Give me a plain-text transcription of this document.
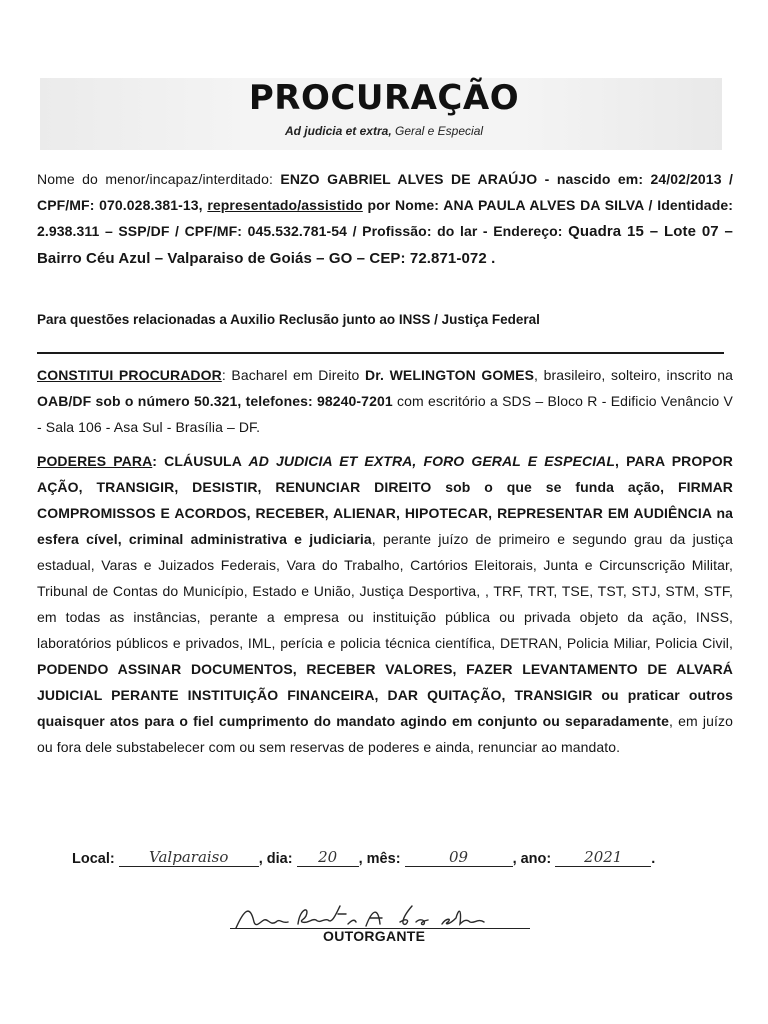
PROCURAÇÃO
Ad judicia et extra, Geral e Especial
Nome do menor/incapaz/interditado: ENZO GABRIEL ALVES DE ARAÚJO - nascido em: 24/02/2013 / CPF/MF: 070.028.381-13, representado/assistido por Nome: ANA PAULA ALVES DA SILVA / Identidade: 2.938.311 – SSP/DF / CPF/MF: 045.532.781-54 / Profissão: do lar - Endereço: Quadra 15 – Lote 07 – Bairro Céu Azul – Valparaiso de Goiás – GO – CEP: 72.871-072 .
Para questões relacionadas a Auxilio Reclusão junto ao INSS / Justiça Federal
CONSTITUI PROCURADOR: Bacharel em Direito Dr. WELINGTON GOMES, brasileiro, solteiro, inscrito na OAB/DF sob o número 50.321, telefones: 98240-7201 com escritório a SDS – Bloco R - Edificio Venâncio V - Sala 106 - Asa Sul - Brasília – DF.
PODERES PARA: CLÁUSULA AD JUDICIA ET EXTRA, FORO GERAL E ESPECIAL, PARA PROPOR AÇÃO, TRANSIGIR, DESISTIR, RENUNCIAR DIREITO sob o que se funda ação, FIRMAR COMPROMISSOS E ACORDOS, RECEBER, ALIENAR, HIPOTECAR, REPRESENTAR EM AUDIÊNCIA na esfera cível, criminal administrativa e judiciaria, perante juízo de primeiro e segundo grau da justiça estadual, Varas e Juizados Federais, Vara do Trabalho, Cartórios Eleitorais, Junta e Circunscrição Militar, Tribunal de Contas do Município, Estado e União, Justiça Desportiva, , TRF, TRT, TSE, TST, STJ, STM, STF, em todas as instâncias, perante a empresa ou instituição pública ou privada objeto da ação, INSS, laboratórios públicos e privados, IML, perícia e policia técnica científica, DETRAN, Policia Miliar, Policia Civil, PODENDO ASSINAR DOCUMENTOS, RECEBER VALORES, FAZER LEVANTAMENTO DE ALVARÁ JUDICIAL PERANTE INSTITUIÇÃO FINANCEIRA, DAR QUITAÇÃO, TRANSIGIR ou praticar outros quaisquer atos para o fiel cumprimento do mandato agindo em conjunto ou separadamente, em juízo ou fora dele substabelecer com ou sem reservas de poderes e ainda, renunciar ao mandato.
Local: Valparaiso , dia: 20 , mês:	09	, ano: 2021 .
OUTORGANTE
